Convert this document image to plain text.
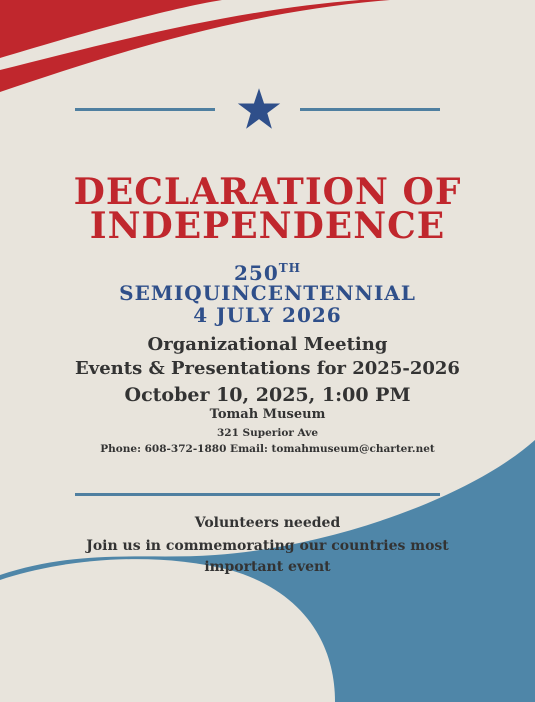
DECLARATION OF
INDEPENDENCE
250TH
SEMIQUINCENTENNIAL
4 JULY 2026
Organizational Meeting
Events & Presentations for 2025-2026
October 10, 2025, 1:00 PM
Tomah Museum
321 Superior Ave
Phone: 608-372-1880 Email: tomahmuseum@charter.net
Volunteers needed
Join us in commemorating our countries most
important event
